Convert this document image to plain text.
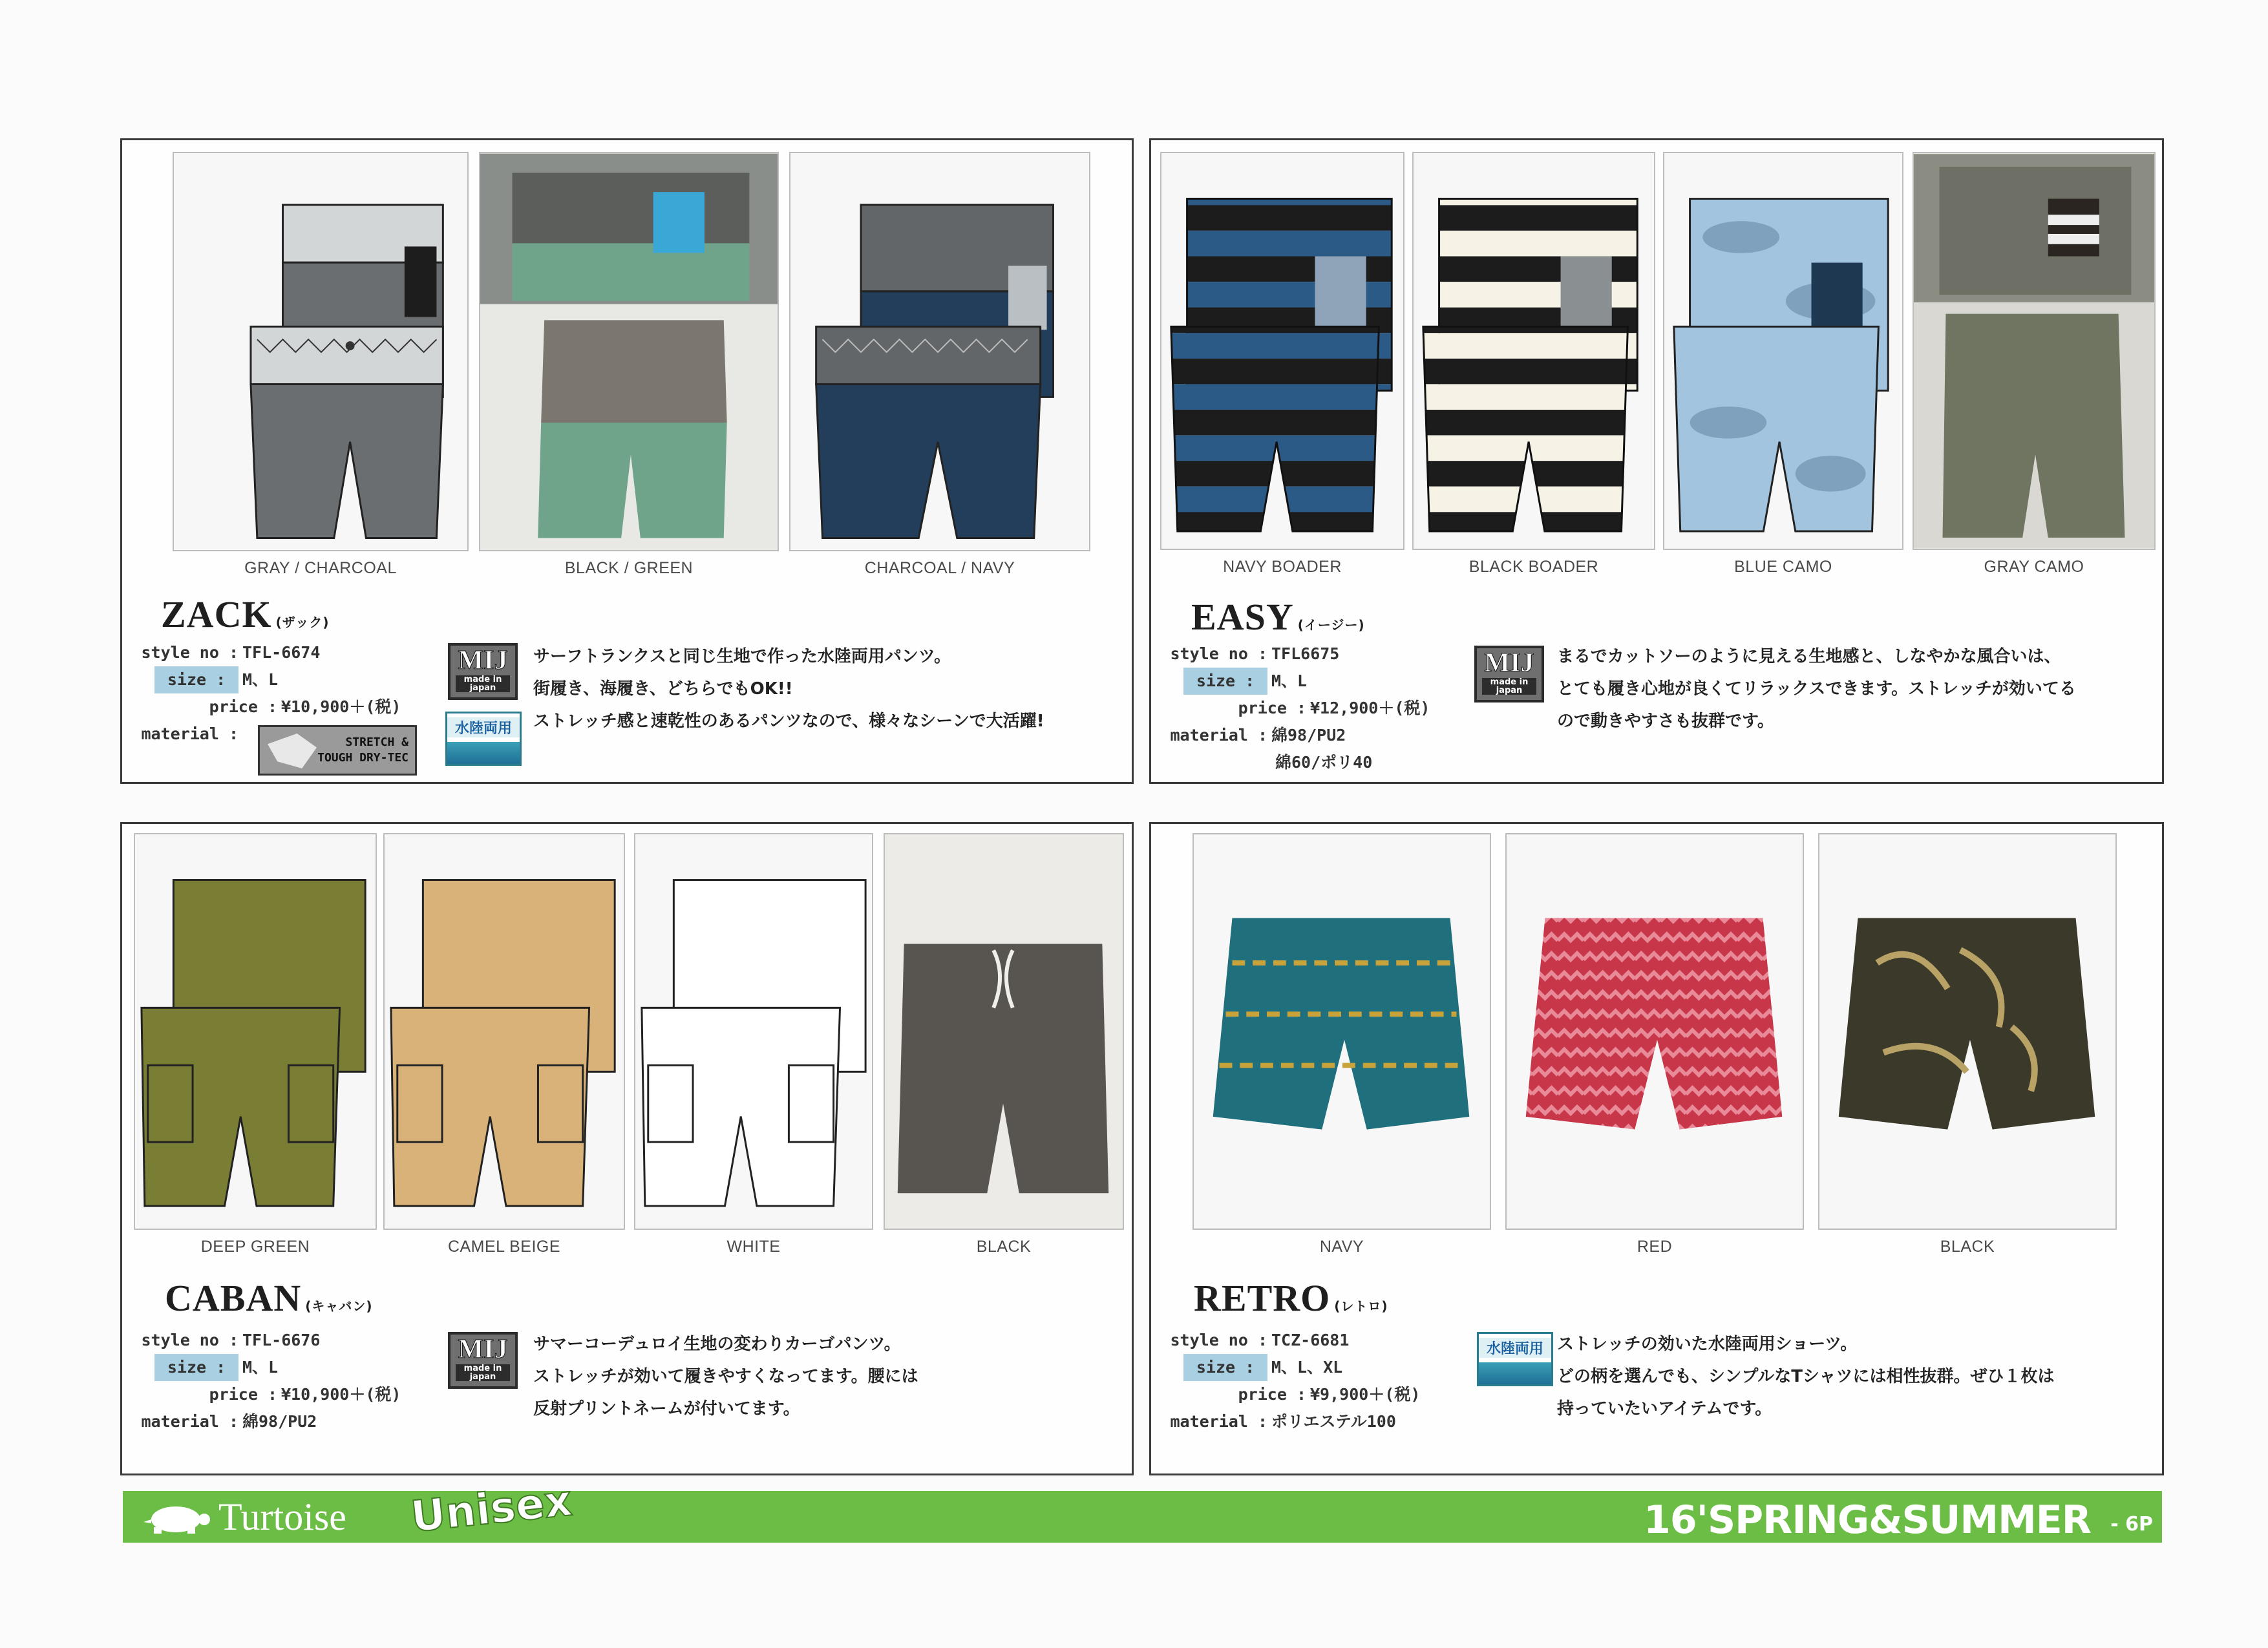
GRAY / CHARCOAL	BLACK / GREEN	CHARCOAL / NAVY
ZACK (ザック)
style no : TFL-6674
size : M、L
price : ¥10,900＋(税)
material :	STRETCH &
TOUGH DRY-TEC
MIJ
made in japan
水陸両用
サーフトランクスと同じ生地で作った水陸両用パンツ。
街履き、海履き、どちらでもOK!!
ストレッチ感と速乾性のあるパンツなので、様々なシーンで大活躍!
NAVY BOADER	BLACK BOADER	BLUE CAMO	GRAY CAMO
EASY (イージー)
style no : TFL6675
size : M、L
price : ¥12,900＋(税)
material : 綿98/PU2
綿60/ポリ40
MIJ
made in japan
まるでカットソーのように見える生地感と、しなやかな風合いは、
とても履き心地が良くてリラックスできます。ストレッチが効いてる
ので動きやすさも抜群です。
DEEP GREEN	CAMEL BEIGE	WHITE	BLACK
CABAN (キャバン)
style no : TFL-6676
size : M、L
price : ¥10,900＋(税)
material : 綿98/PU2
MIJ
made in japan
サマーコーデュロイ生地の変わりカーゴパンツ。
ストレッチが効いて履きやすくなってます。腰には
反射プリントネームが付いてます。
NAVY	RED	BLACK
RETRO (レトロ)
style no : TCZ-6681
size : M、L、XL
price : ¥9,900＋(税)
material : ポリエステル100
水陸両用 ストレッチの効いた水陸両用ショーツ。
どの柄を選んでも、シンプルなTシャツには相性抜群。ぜひ１枚は
持っていたいアイテムです。
Turtoise Unisex	16'SPRING&SUMMER - 6P
